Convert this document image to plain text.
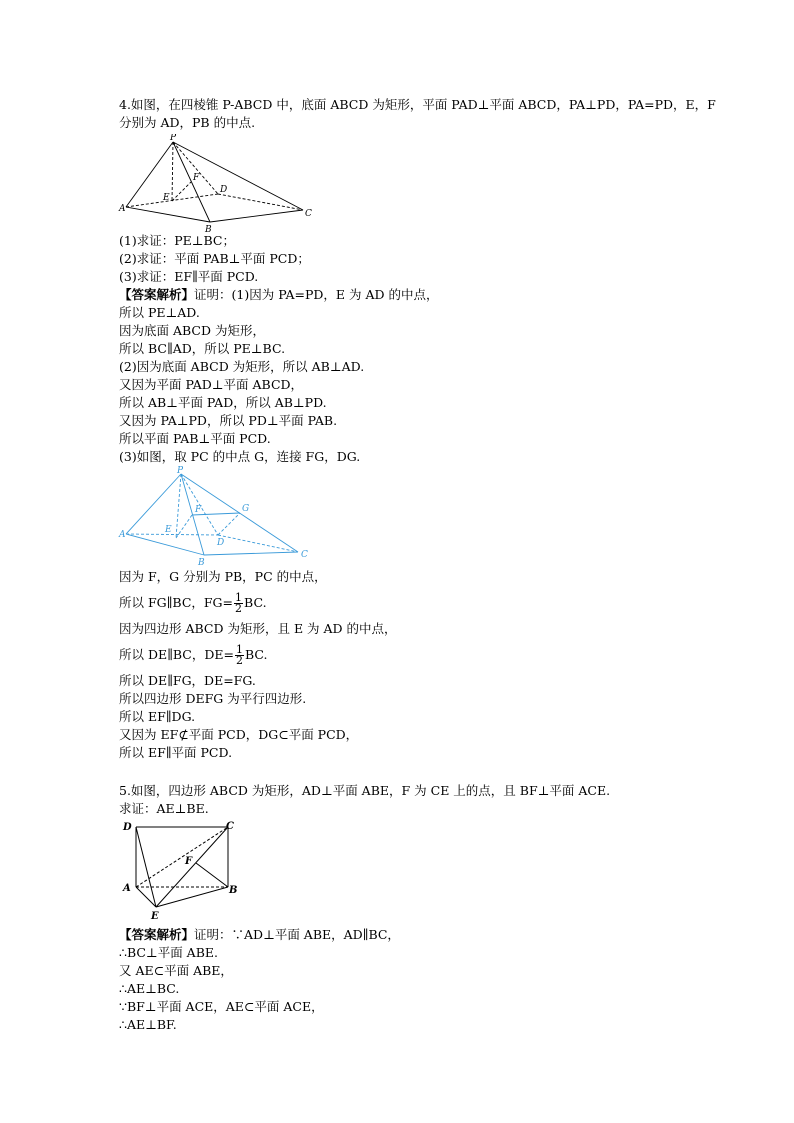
4.如图，在四棱锥 P-ABCD 中，底面 ABCD 为矩形，平面 PAD⊥平面 ABCD，PA⊥PD，PA=PD，E，F
分别为 AD，PB 的中点.
P
A
B
C
D
E
F
(1)求证：PE⊥BC；
(2)求证：平面 PAB⊥平面 PCD；
(3)求证：EF∥平面 PCD.
【答案解析】证明：(1)因为 PA=PD，E 为 AD 的中点，
所以 PE⊥AD.
因为底面 ABCD 为矩形，
所以 BC∥AD，所以 PE⊥BC.
(2)因为底面 ABCD 为矩形，所以 AB⊥AD.
又因为平面 PAD⊥平面 ABCD，
所以 AB⊥平面 PAD，所以 AB⊥PD.
又因为 PA⊥PD，所以 PD⊥平面 PAB.
所以平面 PAB⊥平面 PCD.
(3)如图，取 PC 的中点 G，连接 FG，DG.
P
A
B
C
D
E
F	G
因为 F，G 分别为 PB，PC 的中点，
所以 FG∥BC，$FG= \frac{1}{2}$ BC.
因为四边形 ABCD 为矩形，且 E 为 AD 的中点，
所以 DE∥BC，$DE= \frac{1}{2}$ BC.
所以 DE∥FG，DE=FG.
所以四边形 DEFG 为平行四边形.
所以 EF∥DG.
又因为 EF⊄平面 PCD，DG⊂平面 PCD，
所以 EF∥平面 PCD.
5.如图，四边形 ABCD 为矩形，AD⊥平面 ABE，F 为 CE 上的点，且 BF⊥平面 ACE.
求证：AE⊥BE.
D	C
A	B
E
F
【答案解析】证明：∵AD⊥平面 ABE，AD∥BC，
∴BC⊥平面 ABE.
又 AE⊂平面 ABE，
∴AE⊥BC.
∵BF⊥平面 ACE，AE⊂平面 ACE，
∴AE⊥BF.
